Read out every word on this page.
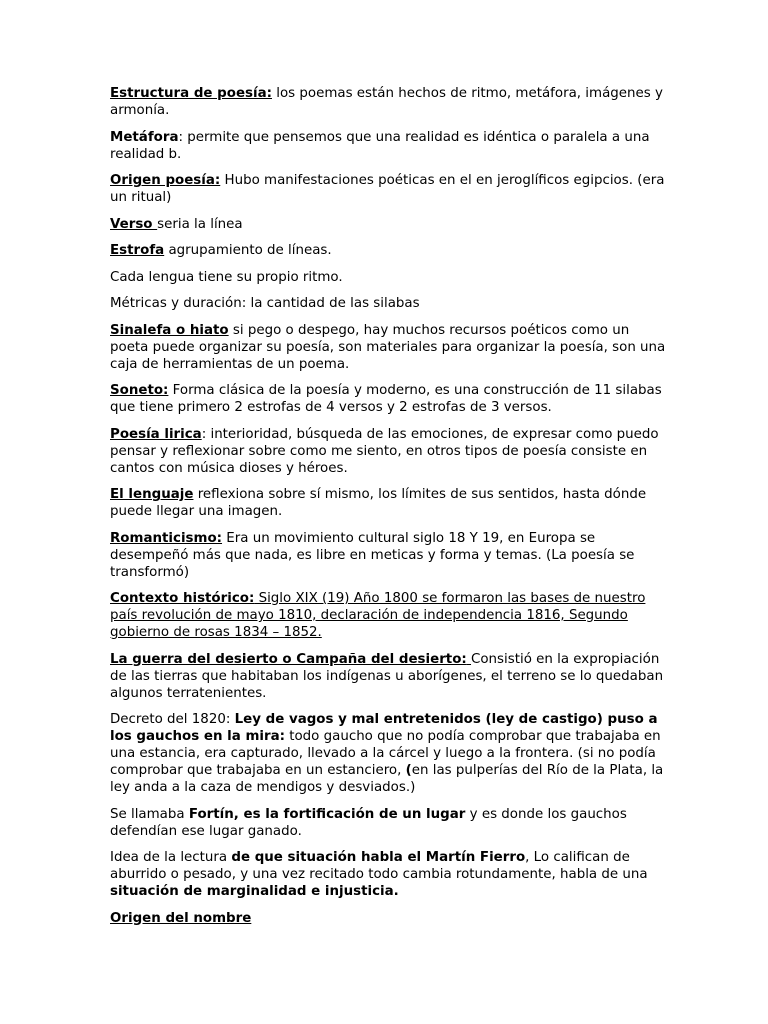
Estructura de poesía: los poemas están hechos de ritmo, metáfora, imágenes y armonía.

Metáfora: permite que pensemos que una realidad es idéntica o paralela a una realidad b.

Origen poesía: Hubo manifestaciones poéticas en el en jeroglíficos egipcios. (era un ritual)

Verso seria la línea

Estrofa agrupamiento de líneas.

Cada lengua tiene su propio ritmo.

Métricas y duración: la cantidad de las silabas

Sinalefa o hiato si pego o despego, hay muchos recursos poéticos como un poeta puede organizar su poesía, son materiales para organizar la poesía, son una caja de herramientas de un poema.

Soneto: Forma clásica de la poesía y moderno, es una construcción de 11 silabas que tiene primero 2 estrofas de 4 versos y 2 estrofas de 3 versos.

Poesía lirica: interioridad, búsqueda de las emociones, de expresar como puedo pensar y reflexionar sobre como me siento, en otros tipos de poesía consiste en cantos con música dioses y héroes.

El lenguaje reflexiona sobre sí mismo, los límites de sus sentidos, hasta dónde puede llegar una imagen.

Romanticismo: Era un movimiento cultural siglo 18 Y 19, en Europa se desempeñó más que nada, es libre en meticas y forma y temas. (La poesía se transformó)

Contexto histórico: Siglo XIX (19) Año 1800 se formaron las bases de nuestro país revolución de mayo 1810, declaración de independencia 1816, Segundo gobierno de rosas 1834 – 1852.

La guerra del desierto o Campaña del desierto: Consistió en la expropiación de las tierras que habitaban los indígenas u aborígenes, el terreno se lo quedaban algunos terratenientes.

Decreto del 1820: Ley de vagos y mal entretenidos (ley de castigo) puso a los gauchos en la mira: todo gaucho que no podía comprobar que trabajaba en una estancia, era capturado, llevado a la cárcel y luego a la frontera. (si no podía comprobar que trabajaba en un estanciero, (en las pulperías del Río de la Plata, la ley anda a la caza de mendigos y desviados.)

Se llamaba Fortín, es la fortificación de un lugar y es donde los gauchos defendían ese lugar ganado.

Idea de la lectura de que situación habla el Martín Fierro, Lo califican de aburrido o pesado, y una vez recitado todo cambia rotundamente, habla de una situación de marginalidad e injusticia.

Origen del nombre
